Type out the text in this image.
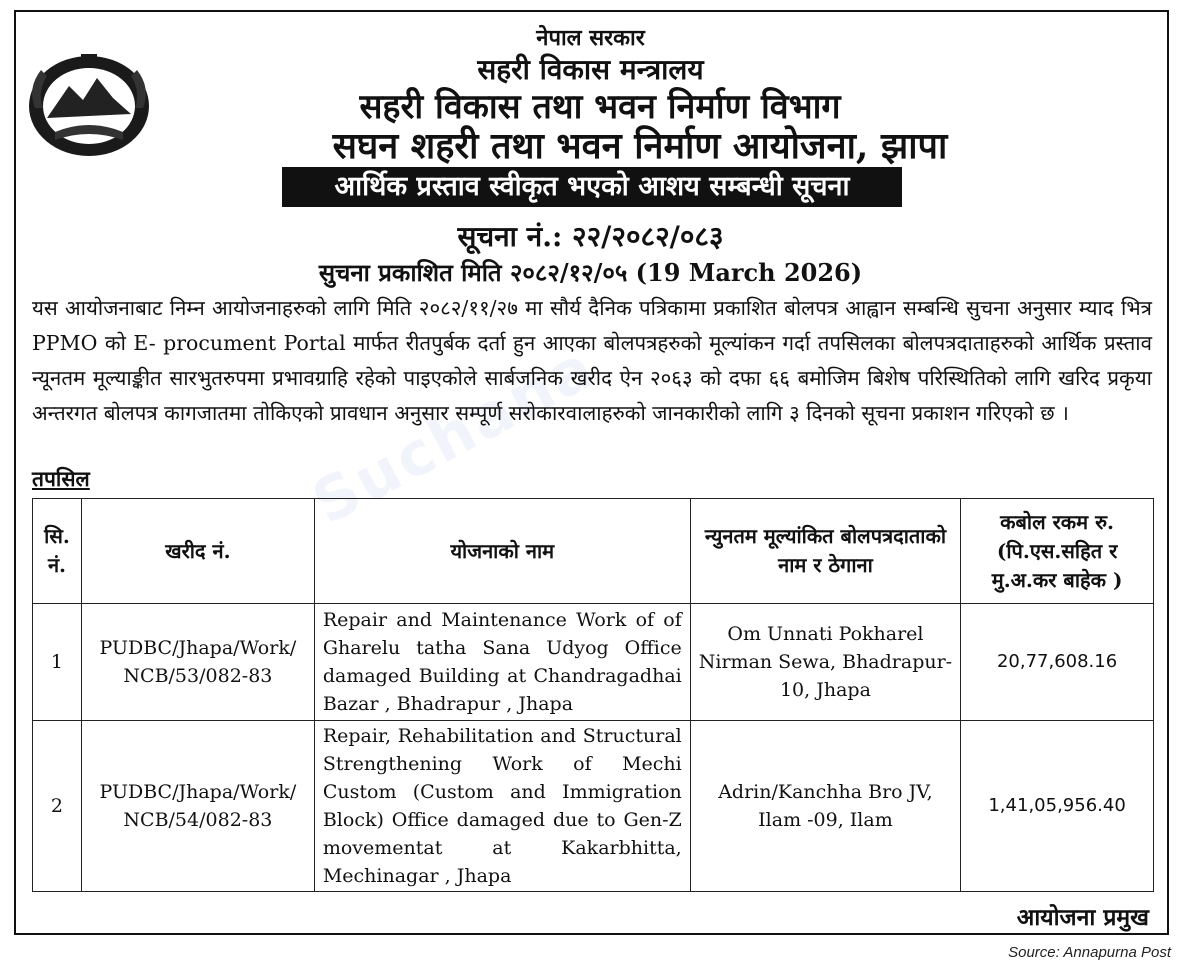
Suchana
नेपाल सरकार
सहरी विकास मन्त्रालय
सहरी विकास तथा भवन निर्माण विभाग
सघन शहरी तथा भवन निर्माण आयोजना, झापा
आर्थिक प्रस्ताव स्वीकृत भएको आशय सम्बन्धी सूचना
सूचना नं.: २२/२०८२/०८३
सुचना प्रकाशित मिति २०८२/१२/०५ (19 March 2026)
यस आयोजनाबाट निम्न आयोजनाहरुको लागि मिति २०८२/११/२७ मा सौर्य दैनिक पत्रिकामा प्रकाशित बोलपत्र आह्वान सम्बन्धि सुचना अनुसार म्याद भित्र PPMO को E- procument Portal मार्फत रीतपुर्बक दर्ता हुन आएका बोलपत्रहरुको मूल्यांकन गर्दा तपसिलका बोलपत्रदाताहरुको आर्थिक प्रस्ताव न्यूनतम मूल्याङ्कीत सारभुतरुपमा प्रभावग्राहि रहेको पाइएकोले सार्बजनिक खरीद ऐन २०६३ को दफा ६६ बमोजिम बिशेष परिस्थितिको लागि खरिद प्रकृया अन्तरगत बोलपत्र कागजातमा तोकिएको प्रावधान अनुसार सम्पूर्ण सरोकारवालाहरुको जानकारीको लागि ३ दिनको सूचना प्रकाशन गरिएको छ ।
तपसिल
सि. नं.	खरीद नं.	योजनाको नाम	न्युनतम मूल्यांकित बोलपत्रदाताको नाम र ठेगाना	कबोल रकम रु. (पि.एस.सहित र मु.अ.कर बाहेक )
1	PUDBC/Jhapa/Work/ NCB/53/082-83	Repair and Maintenance Work of of Gharelu tatha Sana Udyog Office damaged Building at Chandragadhai Bazar , Bhadrapur , Jhapa	Om Unnati Pokharel Nirman Sewa, Bhadrapur-10, Jhapa	20,77,608.16
2	PUDBC/Jhapa/Work/ NCB/54/082-83	Repair, Rehabilitation and Structural Strengthening Work of Mechi Custom (Custom and Immigration Block) Office damaged due to Gen-Z movementat at Kakarbhitta, Mechinagar , Jhapa	Adrin/Kanchha Bro JV, Ilam -09, Ilam	1,41,05,956.40
आयोजना प्रमुख
Source: Annapurna Post
